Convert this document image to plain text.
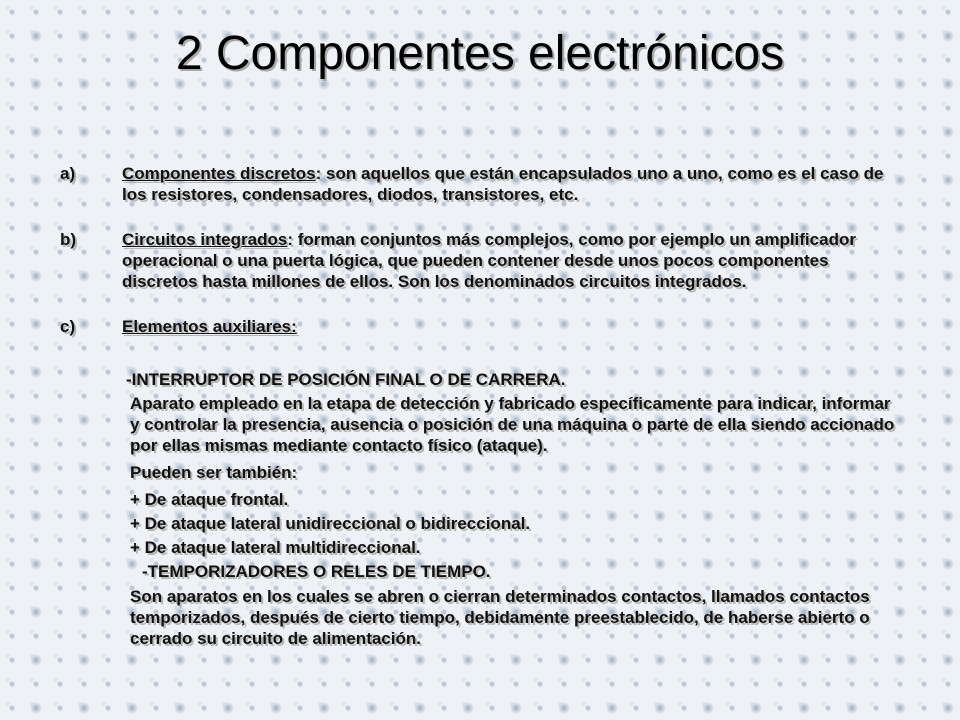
2 Componentes electrónicos
a)	Componentes discretos: son aquellos que están encapsulados uno a uno, como es el caso de los resistores, condensadores, diodos, transistores, etc.
b)	Circuitos integrados: forman conjuntos más complejos, como por ejemplo un amplificador operacional o una puerta lógica, que pueden contener desde unos pocos componentes discretos hasta millones de ellos. Son los denominados circuitos integrados.
c)	Elementos auxiliares:
-INTERRUPTOR DE POSICIÓN FINAL O DE CARRERA.
Aparato empleado en la etapa de detección y fabricado específicamente para indicar, informar y controlar la presencia, ausencia o posición de una máquina o parte de ella siendo accionado por ellas mismas mediante contacto físico (ataque).
Pueden ser también:
+ De ataque frontal.
+ De ataque lateral unidireccional o bidireccional.
+ De ataque lateral multidireccional.
-TEMPORIZADORES O RELES DE TIEMPO.
Son aparatos en los cuales se abren o cierran determinados contactos, llamados contactos temporizados, después de cierto tiempo, debidamente preestablecido, de haberse abierto o cerrado su circuito de alimentación.
